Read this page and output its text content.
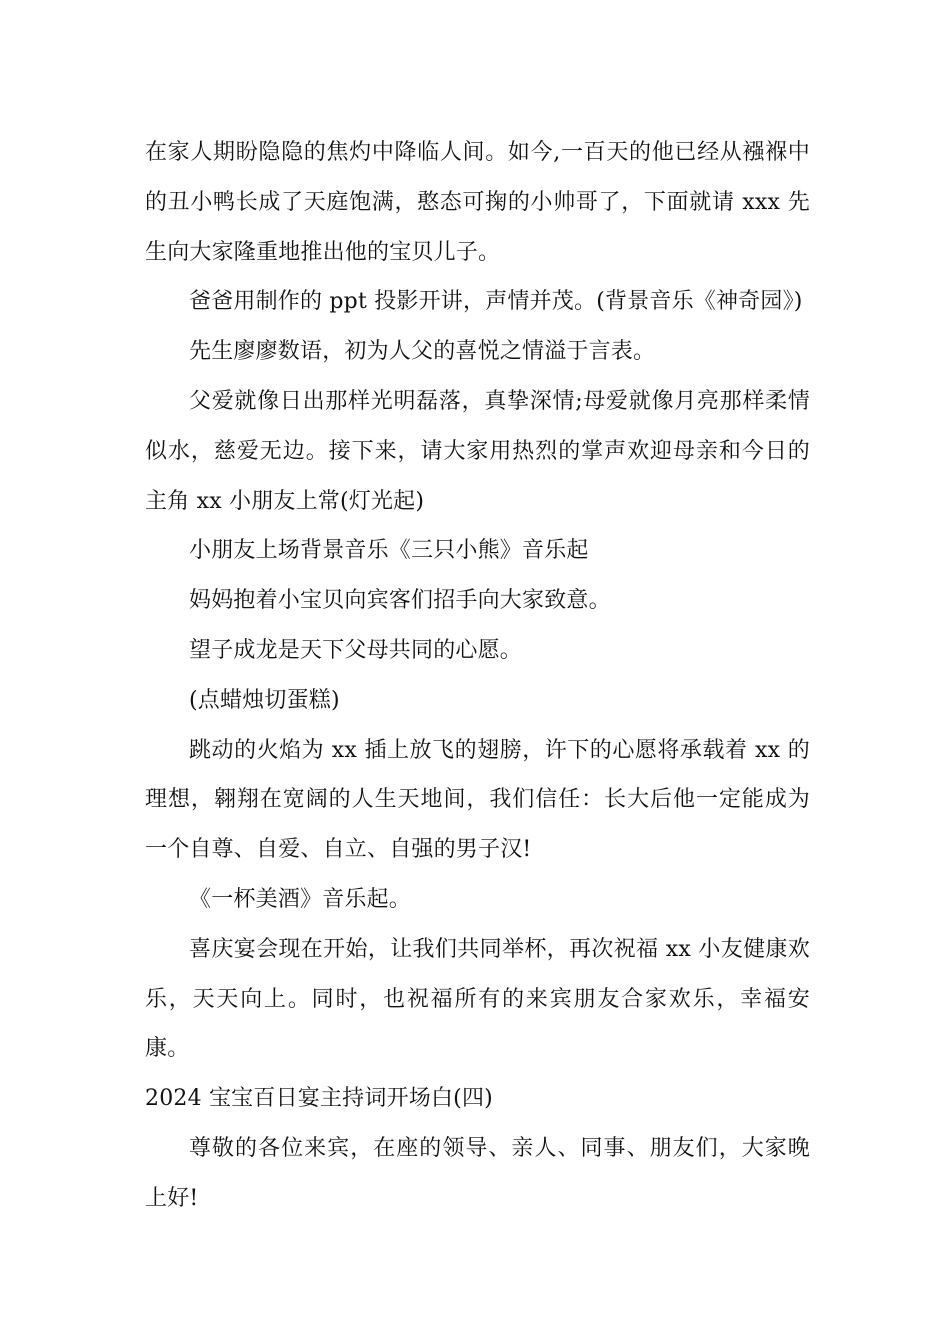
在家人期盼隐隐的焦灼中降临人间。如今,一百天的他已经从襁褓中的丑小鸭长成了天庭饱满，憨态可掬的小帅哥了，下面就请 xxx 先生向大家隆重地推出他的宝贝儿子。

爸爸用制作的 ppt 投影开讲，声情并茂。(背景音乐《神奇园》)

先生廖廖数语，初为人父的喜悦之情溢于言表。

父爱就像日出那样光明磊落，真挚深情;母爱就像月亮那样柔情似水，慈爱无边。接下来，请大家用热烈的掌声欢迎母亲和今日的主角 xx 小朋友上常(灯光起)

小朋友上场背景音乐《三只小熊》音乐起

妈妈抱着小宝贝向宾客们招手向大家致意。

望子成龙是天下父母共同的心愿。

(点蜡烛切蛋糕)

跳动的火焰为 xx 插上放飞的翅膀，许下的心愿将承载着 xx 的理想，翱翔在宽阔的人生天地间，我们信任：长大后他一定能成为一个自尊、自爱、自立、自强的男子汉!

《一杯美酒》音乐起。

喜庆宴会现在开始，让我们共同举杯，再次祝福 xx 小友健康欢乐，天天向上。同时，也祝福所有的来宾朋友合家欢乐，幸福安康。

2024 宝宝百日宴主持词开场白(四)

尊敬的各位来宾，在座的领导、亲人、同事、朋友们，大家晚上好!
